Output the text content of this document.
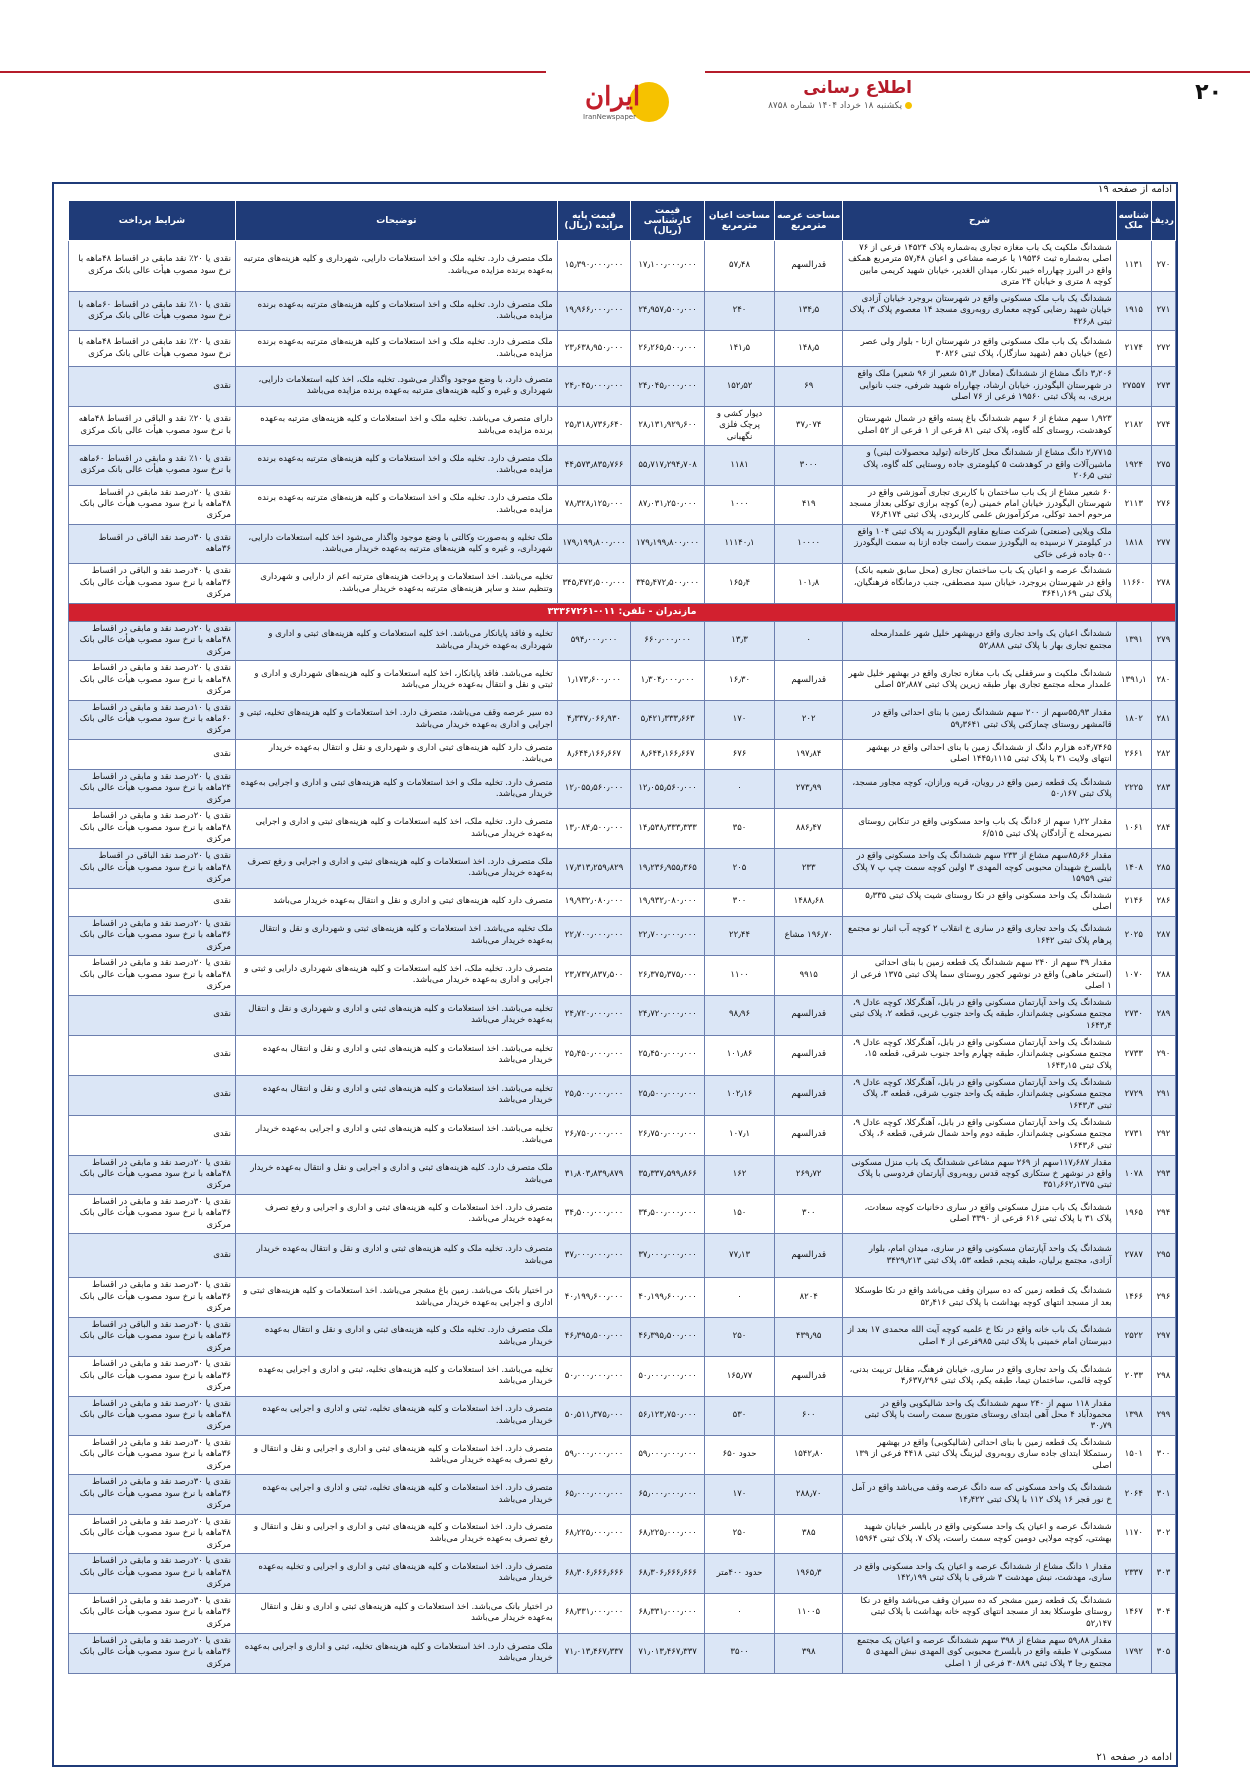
۲۰
اطلاع رسانی
یکشنبه ۱۸ خرداد ۱۴۰۴ شماره ۸۷۵۸
ایران
IranNewspaper
ادامه از صفحه ۱۹
ردیف	شناسه ملک	شرح	مساحت عرصه مترمربع	مساحت اعیان مترمربع	قیمت کارشناسی (ریال)	قیمت پایه مزایده (ریال)	توضیحات	شرایط پرداخت
۲۷۰	۱۱۳۱	ششدانگ ملکیت یک باب مغازه تجاری به‌شماره پلاک ۱۴۵۲۴ فرعی از ۷۶ اصلی به‌شماره ثبت ۱۹۵۳۶ با عرصه مشاعی و اعیان ۵۷٫۴۸ مترمربع همکف واقع در البرز چهارراه خیبر نکار، میدان الغدیر، خیابان شهید کریمی مابین کوچه ۸ متری و خیابان ۲۴ متری	قدرالسهم	۵۷٫۴۸	۱۷٫۱۰۰٫۰۰۰٫۰۰۰	۱۵٫۳۹۰٫۰۰۰٫۰۰۰	ملک متصرف دارد. تخلیه ملک و اخذ استعلامات دارایی، شهرداری و کلیه هزینه‌های مترتبه به‌عهده برنده مزایده می‌باشد.	نقدی یا ۲۰٪ نقد مابقی در اقساط ۴۸ماهه با نرخ سود مصوب هیأت عالی بانک مرکزی
۲۷۱	۱۹۱۵	ششدانگ یک باب ملک مسکونی واقع در شهرستان بروجرد خیابان آزادی خیابان شهید رضایی کوچه معماری روبه‌روی مسجد ۱۴ معصوم پلاک ۳، پلاک ثبتی ۴۲۶٫۸	۱۳۴٫۵	۲۴۰	۲۴٫۹۵۷٫۵۰۰٫۰۰۰	۱۹٫۹۶۶٫۰۰۰٫۰۰۰	ملک متصرف دارد. تخلیه ملک و اخذ استعلامات و کلیه هزینه‌های مترتبه به‌عهده برنده مزایده می‌باشد.	نقدی یا ۱۰٪ نقد مابقی در اقساط ۶۰ماهه با نرخ سود مصوب هیأت عالی بانک مرکزی
۲۷۲	۲۱۷۴	ششدانگ یک باب ملک مسکونی واقع در شهرستان ازنا - بلوار ولی عصر (عج) خیابان دهم (شهید سازگار)، پلاک ثبتی ۳۰۸۲۶	۱۴۸٫۵	۱۴۱٫۵	۲۶٫۲۶۵٫۵۰۰٫۰۰۰	۲۳٫۶۳۸٫۹۵۰٫۰۰۰	ملک متصرف دارد. تخلیه ملک و اخذ استعلامات و کلیه هزینه‌های مترتبه به‌عهده برنده مزایده می‌باشد.	نقدی یا ۲۰٪ نقد مابقی در اقساط ۴۸ماهه با نرخ سود مصوب هیأت عالی بانک مرکزی
۲۷۳	۲۷۵۵۷	۳٫۲۰۶ دانگ مشاع از ششدانگ (معادل ۵۱٫۳ شعیر از ۹۶ شعیر) ملک واقع در شهرستان الیگودرز، خیابان ارشاد، چهارراه شهید شرفی، جنب نانوایی بربری، به پلاک ثبتی ۱۹۵۶۰ فرعی از ۷۶ اصلی	۶۹	۱۵۲٫۵۲	۲۴٫۰۴۵٫۰۰۰٫۰۰۰	۲۴٫۰۴۵٫۰۰۰٫۰۰۰	متصرف دارد، با وضع موجود واگذار می‌شود. تخلیه ملک، اخذ کلیه استعلامات دارایی، شهرداری و غیره و کلیه هزینه‌های مترتبه به‌عهده برنده مزایده می‌باشد	نقدی
۲۷۴	۲۱۸۲	۱٫۹۲۳ سهم مشاع از ۶ سهم ششدانگ باغ پسته واقع در شمال شهرستان کوهدشت، روستای کله گاوه، پلاک ثبتی ۸۱ فرعی از ۱ فرعی از ۵۲ اصلی	۳۷٫۰۷۴	دیوار کشی و پرچک فلزی نگهبانی	۲۸٫۱۳۱٫۹۲۹٫۶۰۰	۲۵٫۳۱۸٫۷۳۶٫۶۴۰	دارای متصرف می‌باشد. تخلیه ملک و اخذ استعلامات و کلیه هزینه‌های مترتبه به‌عهده برنده مزایده می‌باشد	نقدی یا ۲۰٪ نقد و الباقی در اقساط ۴۸ماهه با نرخ سود مصوب هیأت عالی بانک مرکزی
۲۷۵	۱۹۲۴	۲٫۷۷۱۵ دانگ مشاع از ششدانگ محل کارخانه (تولید محصولات لبنی) و ماشین‌آلات واقع در کوهدشت ۵ کیلومتری جاده روستایی کله گاوه، پلاک ثبتی ۲۰۶٫۵	۳۰۰۰	۱۱۸۱	۵۵٫۷۱۷٫۲۹۴٫۷۰۸	۴۴٫۵۷۳٫۸۳۵٫۷۶۶	ملک متصرف دارد. تخلیه ملک و اخذ استعلامات و کلیه هزینه‌های مترتبه به‌عهده برنده مزایده می‌باشد.	نقدی یا ۱۰٪ نقد و مابقی در اقساط ۶۰ماهه با نرخ سود مصوب هیأت عالی بانک مرکزی
۲۷۶	۲۱۱۳	۶۰ شعیر مشاع از یک باب ساختمان با کاربری تجاری آموزشی واقع در شهرستان الیگودرز خیابان امام خمینی (ره) کوچه برازی توکلی بعداز مسجد مرحوم احمد توکلی، مرکزآموزش علمی کاربردی، پلاک ثبتی ۷۶٫۴۱۷۴	۴۱۹	۱۰۰۰	۸۷٫۰۳۱٫۲۵۰٫۰۰۰	۷۸٫۳۲۸٫۱۲۵٫۰۰۰	ملک متصرف دارد. تخلیه ملک و اخذ استعلامات و کلیه هزینه‌های مترتبه به‌عهده برنده مزایده می‌باشد.	نقدی یا ۲۰درصد نقد مابقی در اقساط ۴۸ماهه با نرخ سود مصوب هیأت عالی بانک مرکزی
۲۷۷	۱۸۱۸	ملک ویلایی (صنعتی) شرکت صنایع مقاوم الیگودرز به پلاک ثبتی ۱۰۴ واقع در کیلومتر ۷ نرسیده به الیگودرز سمت راست جاده ازنا به سمت الیگودرز ۵۰۰ جاده فرعی خاکی	۱۰۰۰۰	۱۱۱۴۰٫۱	۱۷۹٫۱۹۹٫۸۰۰٫۰۰۰	۱۷۹٫۱۹۹٫۸۰۰٫۰۰۰	ملک تخلیه و به‌صورت وکالتی با وضع موجود واگذار می‌شود اخذ کلیه استعلامات دارایی، شهرداری، و غیره و کلیه هزینه‌های مترتبه به‌عهده خریدار می‌باشد.	نقدی یا ۳۰درصد نقد الباقی در اقساط ۳۶ماهه
۲۷۸	۱۱۶۶۰	ششدانگ عرصه و اعیان یک باب ساختمان تجاری (محل سابق شعبه بانک) واقع در شهرستان بروجرد، خیابان سید مصطفی، جنب درمانگاه فرهنگیان، پلاک ثبتی ۳۶۴۱٫۱۶۹	۱۰۱٫۸	۱۶۵٫۴	۳۴۵٫۴۷۲٫۵۰۰٫۰۰۰	۳۴۵٫۴۷۲٫۵۰۰٫۰۰۰	تخلیه می‌باشد. اخذ استعلامات و پرداخت هزینه‌های مترتبه اعم از دارایی و شهرداری وتنظیم سند و سایر هزینه‌های مترتبه به‌عهده خریدار می‌باشد.	نقدی یا ۴۰درصد نقد و الباقی در اقساط ۳۶ماهه با نرخ سود مصوب هیأت عالی بانک مرکزی
مازندران - تلفن: ۰۱۱-۳۳۳۶۷۲۶۱								
۲۷۹	۱۳۹۱	ششدانگ اعیان یک واحد تجاری واقع دربهشهر خلیل شهر علمدارمحله مجتمع تجاری بهار با پلاک ثبتی ۵۲٫۸۸۸	۰	۱۳٫۳	۶۶۰٫۰۰۰٫۰۰۰	۵۹۴٫۰۰۰٫۰۰۰	تخلیه و فاقد پایانکار می‌باشد. اخذ کلیه استعلامات و کلیه هزینه‌های ثبتی و اداری و شهرداری به‌عهده خریدار می‌باشد	نقدی یا ۲۰درصد نقد و مابقی در اقساط ۴۸ماهه با نرخ سود مصوب هیأت عالی بانک مرکزی
۲۸۰	۱۳۹۱٫۱	ششدانگ ملکیت و سرقفلی یک باب مغازه تجاری واقع در بهشهر خلیل شهر علمدار محله مجتمع تجاری بهار طبقه زیرین پلاک ثبتی ۵۲٫۸۸۷ اصلی	قدرالسهم	۱۶٫۳۰	۱٫۳۰۴٫۰۰۰٫۰۰۰	۱٫۱۷۳٫۶۰۰٫۰۰۰	تخلیه می‌باشد. فاقد پایانکار، اخذ کلیه استعلامات و کلیه هزینه‌های شهرداری و اداری و ثبتی و نقل و انتقال به‌عهده خریدار می‌باشد	نقدی یا ۲۰درصد نقد و مابقی در اقساط ۴۸ماهه با نرخ سود مصوب هیأت عالی بانک مرکزی
۲۸۱	۱۸۰۲	مقدار ۵۵٫۹۳سهم از ۲۰۰ سهم ششدانگ زمین با بنای احداثی واقع در قائمشهر روستای چمازکتی پلاک ثبتی ۵۹٫۳۶۴۱	۲۰۲	۱۷۰	۵٫۴۲۱٫۳۳۳٫۶۶۳	۴٫۳۳۷٫۰۶۶٫۹۳۰	ده سیر عرصه وقف می‌باشد، متصرف دارد. اخذ استعلامات و کلیه هزینه‌های تخلیه، ثبتی و اجرایی و اداری به‌عهده خریدار می‌باشد	نقدی یا ۱۰درصد نقد و مابقی در اقساط ۶۰ماهه با نرخ سود مصوب هیأت عالی بانک مرکزی
۲۸۲	۲۶۶۱	۴٫۷۴۶۵ده هزارم دانگ از ششدانگ زمین با بنای احداثی واقع در بهشهر انتهای ولایت ۳۱ با پلاک ثبتی ۱۴۴۵٫۱۱۱۵ اصلی	۱۹۷٫۸۴	۶۷۶	۸٫۶۴۴٫۱۶۶٫۶۶۷	۸٫۶۴۴٫۱۶۶٫۶۶۷	متصرف دارد کلیه هزینه‌های ثبتی اداری و شهرداری و نقل و انتقال به‌عهده خریدار می‌باشد.	نقدی
۲۸۳	۲۲۲۵	ششدانگ یک قطعه زمین واقع در رویان، قریه ورازان، کوچه مجاور مسجد، پلاک ثبتی ۵۰٫۱۶۷	۲۷۳٫۹۹	۰	۱۲٫۰۵۵٫۵۶۰٫۰۰۰	۱۲٫۰۵۵٫۵۶۰٫۰۰۰	متصرف دارد. تخلیه ملک و اخذ استعلامات و کلیه هزینه‌های ثبتی و اداری و اجرایی به‌عهده خریدار می‌باشد.	نقدی یا ۲۰درصد نقد و مابقی در اقساط ۲۴ماهه با نرخ سود مصوب هیأت عالی بانک مرکزی
۲۸۴	۱۰۶۱	مقدار ۱٫۲۲ سهم از ۶دانگ یک باب واحد مسکونی واقع در تنکابن روستای نصیرمحله خ آزادگان پلاک ثبتی ۶/۵۱۵	۸۸۶٫۴۷	۳۵۰	۱۴٫۵۳۸٫۳۳۳٫۳۳۳	۱۳٫۰۸۴٫۵۰۰٫۰۰۰	متصرف دارد. تخلیه ملک، اخذ کلیه استعلامات و کلیه هزینه‌های ثبتی و اداری و اجرایی به‌عهده خریدار می‌باشد	نقدی یا ۲۰درصد نقد و مابقی در اقساط ۴۸ماهه با نرخ سود مصوب هیأت عالی بانک مرکزی
۲۸۵	۱۴۰۸	مقدار ۸۵٫۶۶سهم مشاع از ۲۳۳ سهم ششدانگ یک واحد مسکونی واقع در بابلسرخ شهیدان محبوبی کوچه المهدی ۳ اولین کوچه سمت چپ پ ۷ پلاک ثبتی ۱۵۹۵۹	۲۳۳	۲۰۵	۱۹٫۲۳۶٫۹۵۵٫۳۶۵	۱۷٫۳۱۳٫۲۵۹٫۸۲۹	ملک متصرف دارد. اخذ استعلامات و کلیه هزینه‌های ثبتی و اداری و اجرایی و رفع تصرف به‌عهده خریدار می‌باشد.	نقدی یا ۲۰درصد نقد الباقی در اقساط ۴۸ماهه با نرخ سود مصوب هیأت عالی بانک مرکزی
۲۸۶	۲۱۴۶	ششدانگ یک واحد مسکونی واقع در نکا روستای شیت پلاک ثبتی ۵٫۳۳۵ اصلی	۱۴۸۸٫۶۸	۳۰۰	۱۹٫۹۳۲٫۰۸۰٫۰۰۰	۱۹٫۹۳۲٫۰۸۰٫۰۰۰	متصرف دارد کلیه هزینه‌های ثبتی و اداری و نقل و انتقال به‌عهده خریدار می‌باشد	نقدی
۲۸۷	۲۰۲۵	ششدانگ یک واحد تجاری واقع در ساری خ انقلاب ۲ کوچه آب انبار نو مجتمع پرهام پلاک ثبتی ۱۶۴۲	۱۹۶٫۷۰ مشاع	۲۲٫۴۴	۲۲٫۷۰۰٫۰۰۰٫۰۰۰	۲۲٫۷۰۰٫۰۰۰٫۰۰۰	ملک تخلیه می‌باشد. اخذ استعلامات و کلیه هزینه‌های ثبتی و شهرداری و نقل و انتقال به‌عهده خریدار می‌باشد	نقدی یا ۲۰درصد نقد و مابقی در اقساط ۳۶ماهه با نرخ سود مصوب هیأت عالی بانک مرکزی
۲۸۸	۱۰۷۰	مقدار ۳۹ سهم از ۲۴۰ سهم ششدانگ یک قطعه زمین با بنای احداثی (استخر ماهی) واقع در نوشهر کجور روستای سما پلاک ثبتی ۱۳۷۵ فرعی از ۱ اصلی	۹۹۱۵	۱۱۰۰	۲۶٫۳۷۵٫۳۷۵٫۰۰۰	۲۳٫۷۳۷٫۸۳۷٫۵۰۰	متصرف دارد. تخلیه ملک، اخذ کلیه استعلامات و کلیه هزینه‌های شهرداری دارایی و ثبتی و اجرایی و اداری به‌عهده خریدار می‌باشد.	نقدی یا ۲۰درصد نقد و مابقی در اقساط ۴۸ماهه با نرخ سود مصوب هیأت عالی بانک مرکزی
۲۸۹	۲۷۳۰	ششدانگ یک واحد آپارتمان مسکونی واقع در بابل، آهنگرکلا، کوچه عادل ۹، مجتمع مسکونی چشم‌انداز، طبقه یک واحد جنوب غربی، قطعه ۲، پلاک ثبتی ۱۶۴۳٫۴	قدرالسهم	۹۸٫۹۶	۲۴٫۷۲۰٫۰۰۰٫۰۰۰	۲۴٫۷۲۰٫۰۰۰٫۰۰۰	تخلیه می‌باشد. اخذ استعلامات و کلیه هزینه‌های ثبتی و اداری و شهرداری و نقل و انتقال به‌عهده خریدار می‌باشد	نقدی
۲۹۰	۲۷۳۳	ششدانگ یک واحد آپارتمان مسکونی واقع در بابل، آهنگرکلا، کوچه عادل ۹، مجتمع مسکونی چشم‌انداز، طبقه چهارم واحد جنوب شرقی، قطعه ۱۵، پلاک ثبتی ۱۶۴۳٫۱۵	قدرالسهم	۱۰۱٫۸۶	۲۵٫۴۵۰٫۰۰۰٫۰۰۰	۲۵٫۴۵۰٫۰۰۰٫۰۰۰	تخلیه می‌باشد. اخذ استعلامات و کلیه هزینه‌های ثبتی و اداری و نقل و انتقال به‌عهده خریدار می‌باشد	نقدی
۲۹۱	۲۷۲۹	ششدانگ یک واحد آپارتمان مسکونی واقع در بابل، آهنگرکلا، کوچه عادل ۹، مجتمع مسکونی چشم‌انداز، طبقه یک واحد جنوب شرقی، قطعه ۳، پلاک ثبتی ۱۶۴۳٫۳	قدرالسهم	۱۰۲٫۱۶	۲۵٫۵۰۰٫۰۰۰٫۰۰۰	۲۵٫۵۰۰٫۰۰۰٫۰۰۰	تخلیه می‌باشد. اخذ استعلامات و کلیه هزینه‌های ثبتی و اداری و نقل و انتقال به‌عهده خریدار می‌باشد	نقدی
۲۹۲	۲۷۳۱	ششدانگ یک واحد آپارتمان مسکونی واقع در بابل، آهنگرکلا، کوچه عادل ۹، مجتمع مسکونی چشم‌انداز، طبقه دوم واحد شمال شرقی، قطعه ۶، پلاک ثبتی ۱۶۴۳٫۶	قدرالسهم	۱۰۷٫۱	۲۶٫۷۵۰٫۰۰۰٫۰۰۰	۲۶٫۷۵۰٫۰۰۰٫۰۰۰	تخلیه می‌باشد. اخذ استعلامات و کلیه هزینه‌های ثبتی و اداری و اجرایی به‌عهده خریدار می‌باشد.	نقدی
۲۹۳	۱۰۷۸	مقدار ۱۱۷٫۶۸۷سهم از ۲۶۹ سهم مشاعی ششدانگ یک باب منزل مسکونی واقع در نوشهر خ ستکاری کوچه قدس روبه‌روی آپارتمان فردوسی با پلاک ثبتی ۳۵۱٫۶۶۲٫۱۳۷۵	۲۶۹٫۷۲	۱۶۲	۳۵٫۳۳۷٫۵۹۹٫۸۶۶	۳۱٫۸۰۳٫۸۳۹٫۸۷۹	ملک متصرف دارد. کلیه هزینه‌های ثبتی و اداری و اجرایی و نقل و انتقال به‌عهده خریدار می‌باشد	نقدی یا ۲۰درصد نقد و مابقی در اقساط ۴۸ماهه با نرخ سود مصوب هیأت عالی بانک مرکزی
۲۹۴	۱۹۶۵	ششدانگ یک باب منزل مسکونی واقع در ساری دخانیات کوچه سعادت، پلاک ۳۱ با پلاک ثبتی ۶۱۶ فرعی از ۳۳۹۰ اصلی	۳۰۰	۱۵۰	۳۴٫۵۰۰٫۰۰۰٫۰۰۰	۳۴٫۵۰۰٫۰۰۰٫۰۰۰	متصرف دارد. اخذ استعلامات و کلیه هزینه‌های ثبتی و اداری و اجرایی و رفع تصرف به‌عهده خریدار می‌باشد.	نقدی یا ۳۰درصد نقد و مابقی در اقساط ۳۶ماهه با نرخ سود مصوب هیأت عالی بانک مرکزی
۲۹۵	۲۷۸۷	ششدانگ یک واحد آپارتمان مسکونی واقع در ساری، میدان امام، بلوار آزادی، مجتمع برلیان، طبقه پنجم، قطعه ۵۳، پلاک ثبتی ۳۴۲۹٫۲۱۳	قدرالسهم	۷۷٫۱۳	۳۷٫۰۰۰٫۰۰۰٫۰۰۰	۳۷٫۰۰۰٫۰۰۰٫۰۰۰	متصرف دارد. تخلیه ملک و کلیه هزینه‌های ثبتی و اداری و نقل و انتقال به‌عهده خریدار می‌باشد	نقدی
۲۹۶	۱۴۶۶	ششدانگ یک قطعه زمین که ده سیران وقف می‌باشد واقع در نکا طوسکلا بعد از مسجد انتهای کوچه بهداشت با پلاک ثبتی ۵۲٫۴۱۶	۸۲۰۴	۰	۴۰٫۱۹۹٫۶۰۰٫۰۰۰	۴۰٫۱۹۹٫۶۰۰٫۰۰۰	در اختیار بانک می‌باشد. زمین باغ مشجر می‌باشد. اخذ استعلامات و کلیه هزینه‌های ثبتی و اداری و اجرایی به‌عهده خریدار می‌باشد	نقدی یا ۳۰درصد نقد و مابقی در اقساط ۳۶ماهه با نرخ سود مصوب هیأت عالی بانک مرکزی
۲۹۷	۲۵۲۲	ششدانگ یک باب خانه واقع در نکا خ علمیه کوچه آیت الله محمدی ۱۷ بعد از دبیرستان امام خمینی با پلاک ثبتی ۹۸۵فرعی از ۴ اصلی	۴۳۹٫۹۵	۲۵۰	۴۶٫۳۹۵٫۵۰۰٫۰۰۰	۴۶٫۳۹۵٫۵۰۰٫۰۰۰	ملک متصرف دارد. تخلیه ملک و کلیه هزینه‌های ثبتی و اداری و نقل و انتقال به‌عهده خریدار می‌باشد	نقدی یا ۴۰درصد نقد و الباقی در اقساط ۳۶ماهه با نرخ سود مصوب هیأت عالی بانک مرکزی
۲۹۸	۲۰۳۳	ششدانگ یک واحد تجاری واقع در ساری، خیابان فرهنگ، مقابل تربیت بدنی، کوچه قائمی، ساختمان تیما، طبقه یکم، پلاک ثبتی ۴٫۶۳۷٫۲۹۶	قدرالسهم	۱۶۵٫۷۷	۵۰٫۰۰۰٫۰۰۰٫۰۰۰	۵۰٫۰۰۰٫۰۰۰٫۰۰۰	تخلیه می‌باشد. اخذ استعلامات و کلیه هزینه‌های تخلیه، ثبتی و اداری و اجرایی به‌عهده خریدار می‌باشد	نقدی یا ۳۰درصد نقد و مابقی در اقساط ۳۶ماهه با نرخ سود مصوب هیأت عالی بانک مرکزی
۲۹۹	۱۳۹۸	مقدار ۱۱۸ سهم از ۲۴۰ سهم ششدانگ یک واحد شالیکوبی واقع در محمودآباد ۴ محل آهی ابتدای روستای متوربج سمت راست با پلاک ثبتی ۳۰٫۷۹	۶۰۰	۵۳۰	۵۶٫۱۲۳٫۷۵۰٫۰۰۰	۵۰٫۵۱۱٫۳۷۵٫۰۰۰	متصرف دارد. اخذ استعلامات و کلیه هزینه‌های تخلیه، ثبتی و اداری و اجرایی به‌عهده خریدار می‌باشد.	نقدی یا ۲۰درصد نقد و مابقی در اقساط ۴۸ماهه با نرخ سود مصوب هیأت عالی بانک مرکزی
۳۰۰	۱۵۰۱	ششدانگ یک قطعه زمین با بنای احداثی (شالیکوبی) واقع در بهشهر رستمکلا ابتدای جاده ساری روبه‌روی لیزینگ پلاک ثبتی ۴۴۱۸ فرعی از ۱۳۹ اصلی	۱۵۴۲٫۸۰	حدود ۶۵۰	۵۹٫۰۰۰٫۰۰۰٫۰۰۰	۵۹٫۰۰۰٫۰۰۰٫۰۰۰	متصرف دارد. اخذ استعلامات و کلیه هزینه‌های ثبتی و اداری و اجرایی و نقل و انتقال و رفع تصرف به‌عهده خریدار می‌باشد	نقدی یا ۳۰درصد نقد و مابقی در اقساط ۳۶ماهه با نرخ سود مصوب هیأت عالی بانک مرکزی
۳۰۱	۲۰۶۴	ششدانگ یک واحد مسکونی که سه دانگ عرصه وقف می‌باشد واقع در آمل خ نور فجر ۱۶ پلاک ۱۱۲ با پلاک ثبتی ۱۴٫۴۲۲	۲۸۸٫۷۰	۱۷۰	۶۵٫۰۰۰٫۰۰۰٫۰۰۰	۶۵٫۰۰۰٫۰۰۰٫۰۰۰	متصرف دارد. اخذ استعلامات و کلیه هزینه‌های تخلیه، ثبتی و اداری و اجرایی به‌عهده خریدار می‌باشد	نقدی یا ۳۰درصد نقد و مابقی در اقساط ۳۶ماهه با نرخ سود مصوب هیأت عالی بانک مرکزی
۳۰۲	۱۱۷۰	ششدانگ عرصه و اعیان یک واحد مسکونی واقع در بابلسر خیابان شهید بهشتی، کوچه مولایی دومین کوچه سمت راست، پلاک ۷، پلاک ثبتی ۱۵۹۶۴	۳۸۵	۲۵۰	۶۸٫۲۲۵٫۰۰۰٫۰۰۰	۶۸٫۲۲۵٫۰۰۰٫۰۰۰	متصرف دارد. اخذ استعلامات و کلیه هزینه‌های ثبتی و اداری و اجرایی و نقل و انتقال و رفع تصرف به‌عهده خریدار می‌باشد	نقدی یا ۲۰درصد نقد و مابقی در اقساط ۴۸ماهه با نرخ سود مصوب هیأت عالی بانک مرکزی
۳۰۳	۲۳۳۷	مقدار ۱ دانگ مشاع از ششدانگ عرصه و اعیان یک واحد مسکونی واقع در ساری، مهدشت، نبش مهدشت ۳ شرقی با پلاک ثبتی ۱۴۲٫۱۹۹	۱۹۶۵٫۳	حدود ۴۰۰متر	۶۸٫۳۰۶٫۶۶۶٫۶۶۶	۶۸٫۳۰۶٫۶۶۶٫۶۶۶	متصرف دارد. اخذ استعلامات و کلیه هزینه‌های ثبتی و اداری و اجرایی و تخلیه به‌عهده خریدار می‌باشد	نقدی یا ۲۰درصد نقد و مابقی در اقساط ۴۸ماهه با نرخ سود مصوب هیأت عالی بانک مرکزی
۳۰۴	۱۴۶۷	ششدانگ یک قطعه زمین مشجر که ده سیران وقف می‌باشد واقع در نکا روستای طوسکلا بعد از مسجد انتهای کوچه خانه بهداشت با پلاک ثبتی ۵۲٫۱۴۷	۱۱۰۰۵	۰	۶۸٫۳۳۱٫۰۰۰٫۰۰۰	۶۸٫۳۳۱٫۰۰۰٫۰۰۰	در اختیار بانک می‌باشد. اخذ استعلامات و کلیه هزینه‌های ثبتی و اداری و نقل و انتقال به‌عهده خریدار می‌باشد	نقدی یا ۳۰درصد نقد و مابقی در اقساط ۳۶ماهه با نرخ سود مصوب هیأت عالی بانک مرکزی
۳۰۵	۱۷۹۲	مقدار ۵۹٫۸۸ سهم مشاع از ۳۹۸ سهم ششدانگ عرصه و اعیان یک مجتمع مسکونی ۷ طبقه واقع در بابلسرخ محبوبی کوی المهدی نبش المهدی ۵ مجتمع رجا ۳ پلاک ثبتی ۳۰۸۸۹ فرعی از ۱ اصلی	۳۹۸	۳۵۰۰	۷۱٫۰۱۳٫۴۶۷٫۳۳۷	۷۱٫۰۱۳٫۴۶۷٫۳۳۷	ملک متصرف دارد. اخذ استعلامات و کلیه هزینه‌های تخلیه، ثبتی و اداری و اجرایی به‌عهده خریدار می‌باشد	نقدی یا ۲۰درصد نقد و مابقی در اقساط ۳۶ماهه با نرخ سود مصوب هیأت عالی بانک مرکزی
ادامه در صفحه ۲۱
